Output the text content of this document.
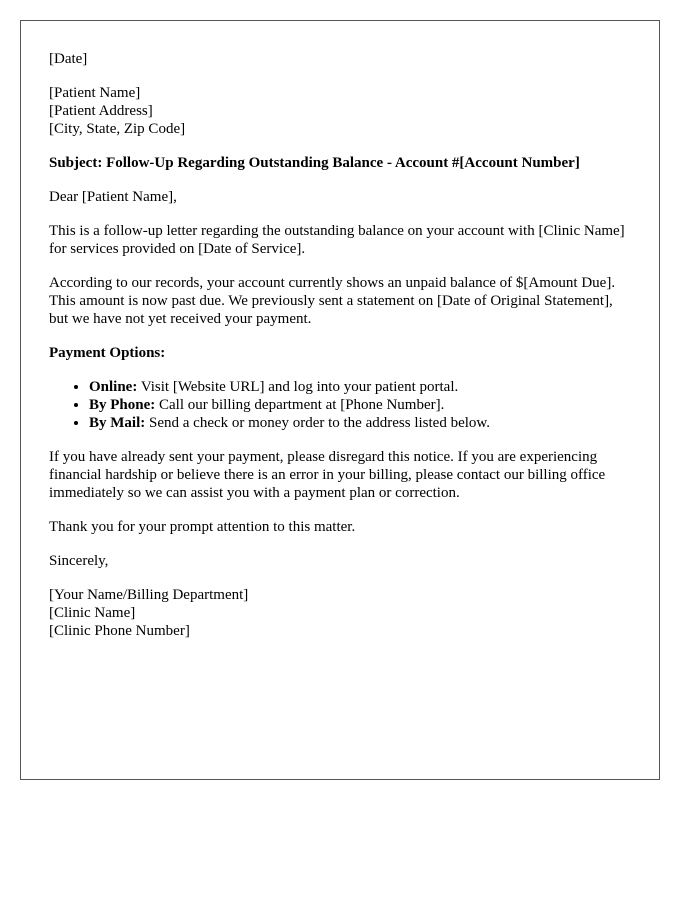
[Date]
[Patient Name]
[Patient Address]
[City, State, Zip Code]

Subject: Follow-Up Regarding Outstanding Balance - Account #[Account Number]

Dear [Patient Name],

This is a follow-up letter regarding the outstanding balance on your account with [Clinic Name] for services provided on [Date of Service].

According to our records, your account currently shows an unpaid balance of $[Amount Due]. This amount is now past due. We previously sent a statement on [Date of Original Statement], but we have not yet received your payment.

Payment Options:

• Online: Visit [Website URL] and log into your patient portal.
• By Phone: Call our billing department at [Phone Number].
• By Mail: Send a check or money order to the address listed below.

If you have already sent your payment, please disregard this notice. If you are experiencing financial hardship or believe there is an error in your billing, please contact our billing office immediately so we can assist you with a payment plan or correction.

Thank you for your prompt attention to this matter.

Sincerely,

[Your Name/Billing Department]
[Clinic Name]
[Clinic Phone Number]
